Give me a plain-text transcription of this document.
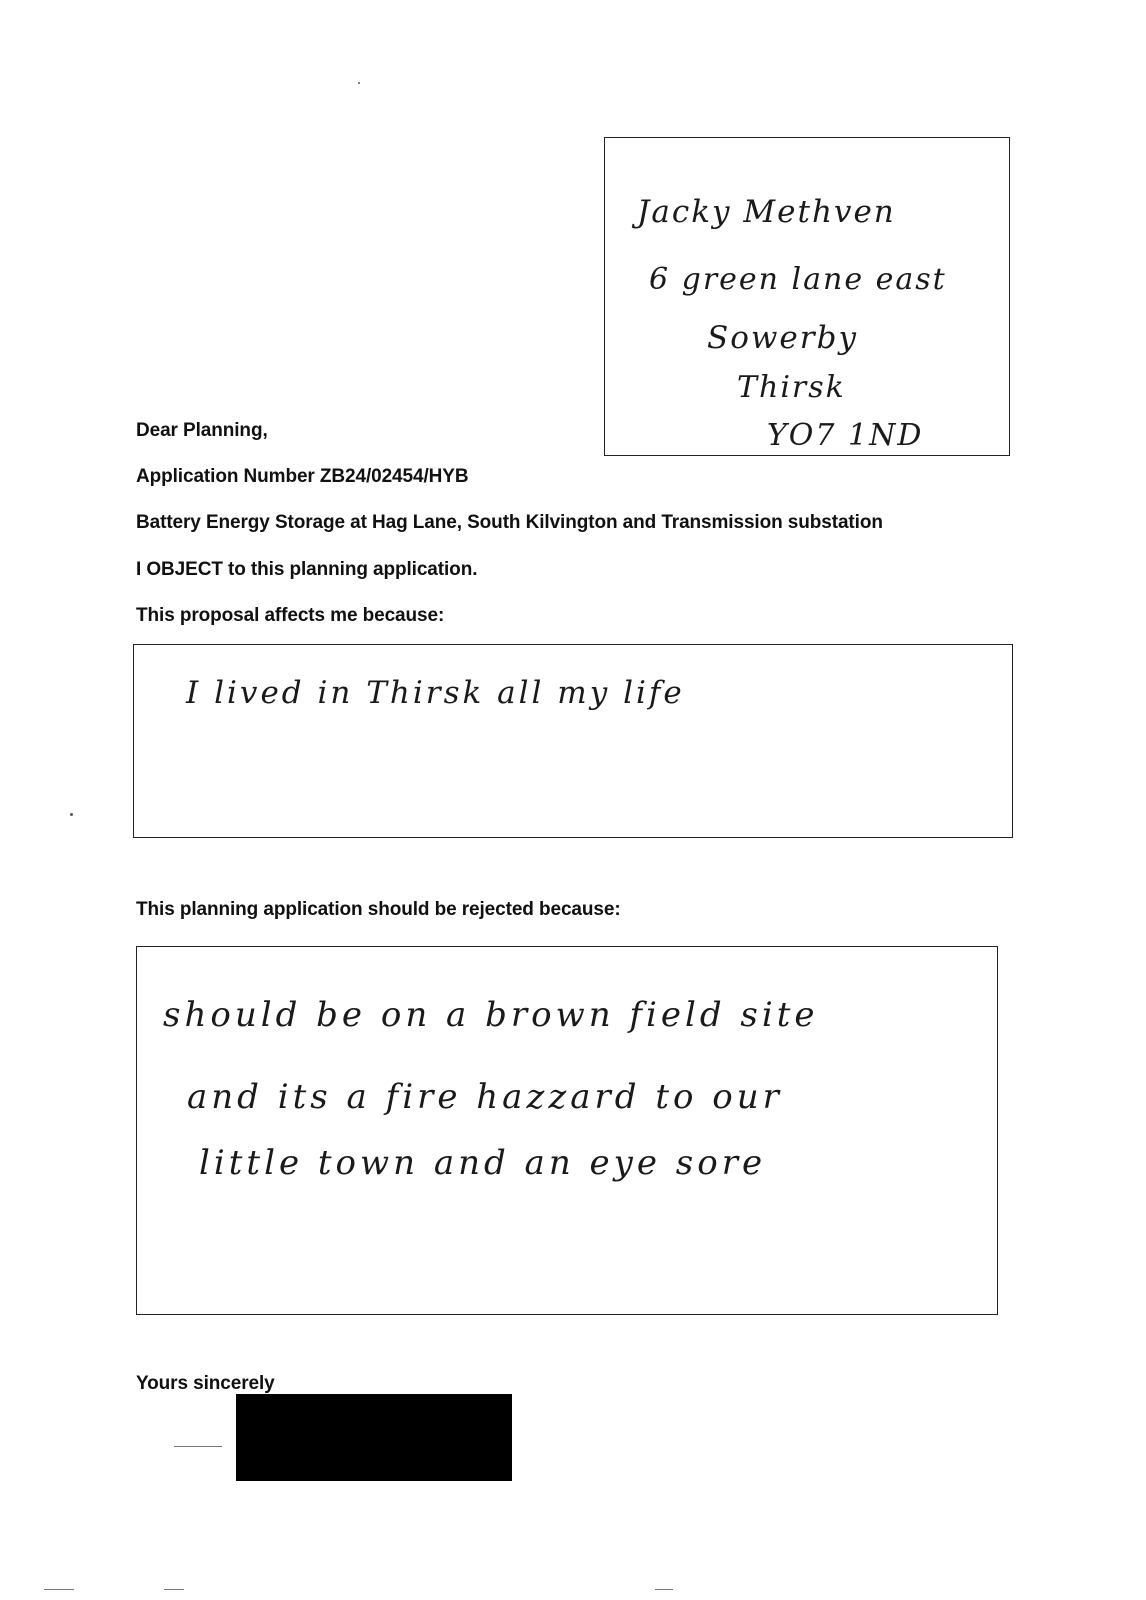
Jacky Methven
6 green lane east
Sowerby
Thirsk
YO7 1ND
Dear Planning,
Application Number ZB24/02454/HYB
Battery Energy Storage at Hag Lane, South Kilvington and Transmission substation
I OBJECT to this planning application.
This proposal affects me because:
I lived in Thirsk all my life
This planning application should be rejected because:
should be on a brown field site
and its a fire hazzard to our
little town and an eye sore
Yours sincerely
